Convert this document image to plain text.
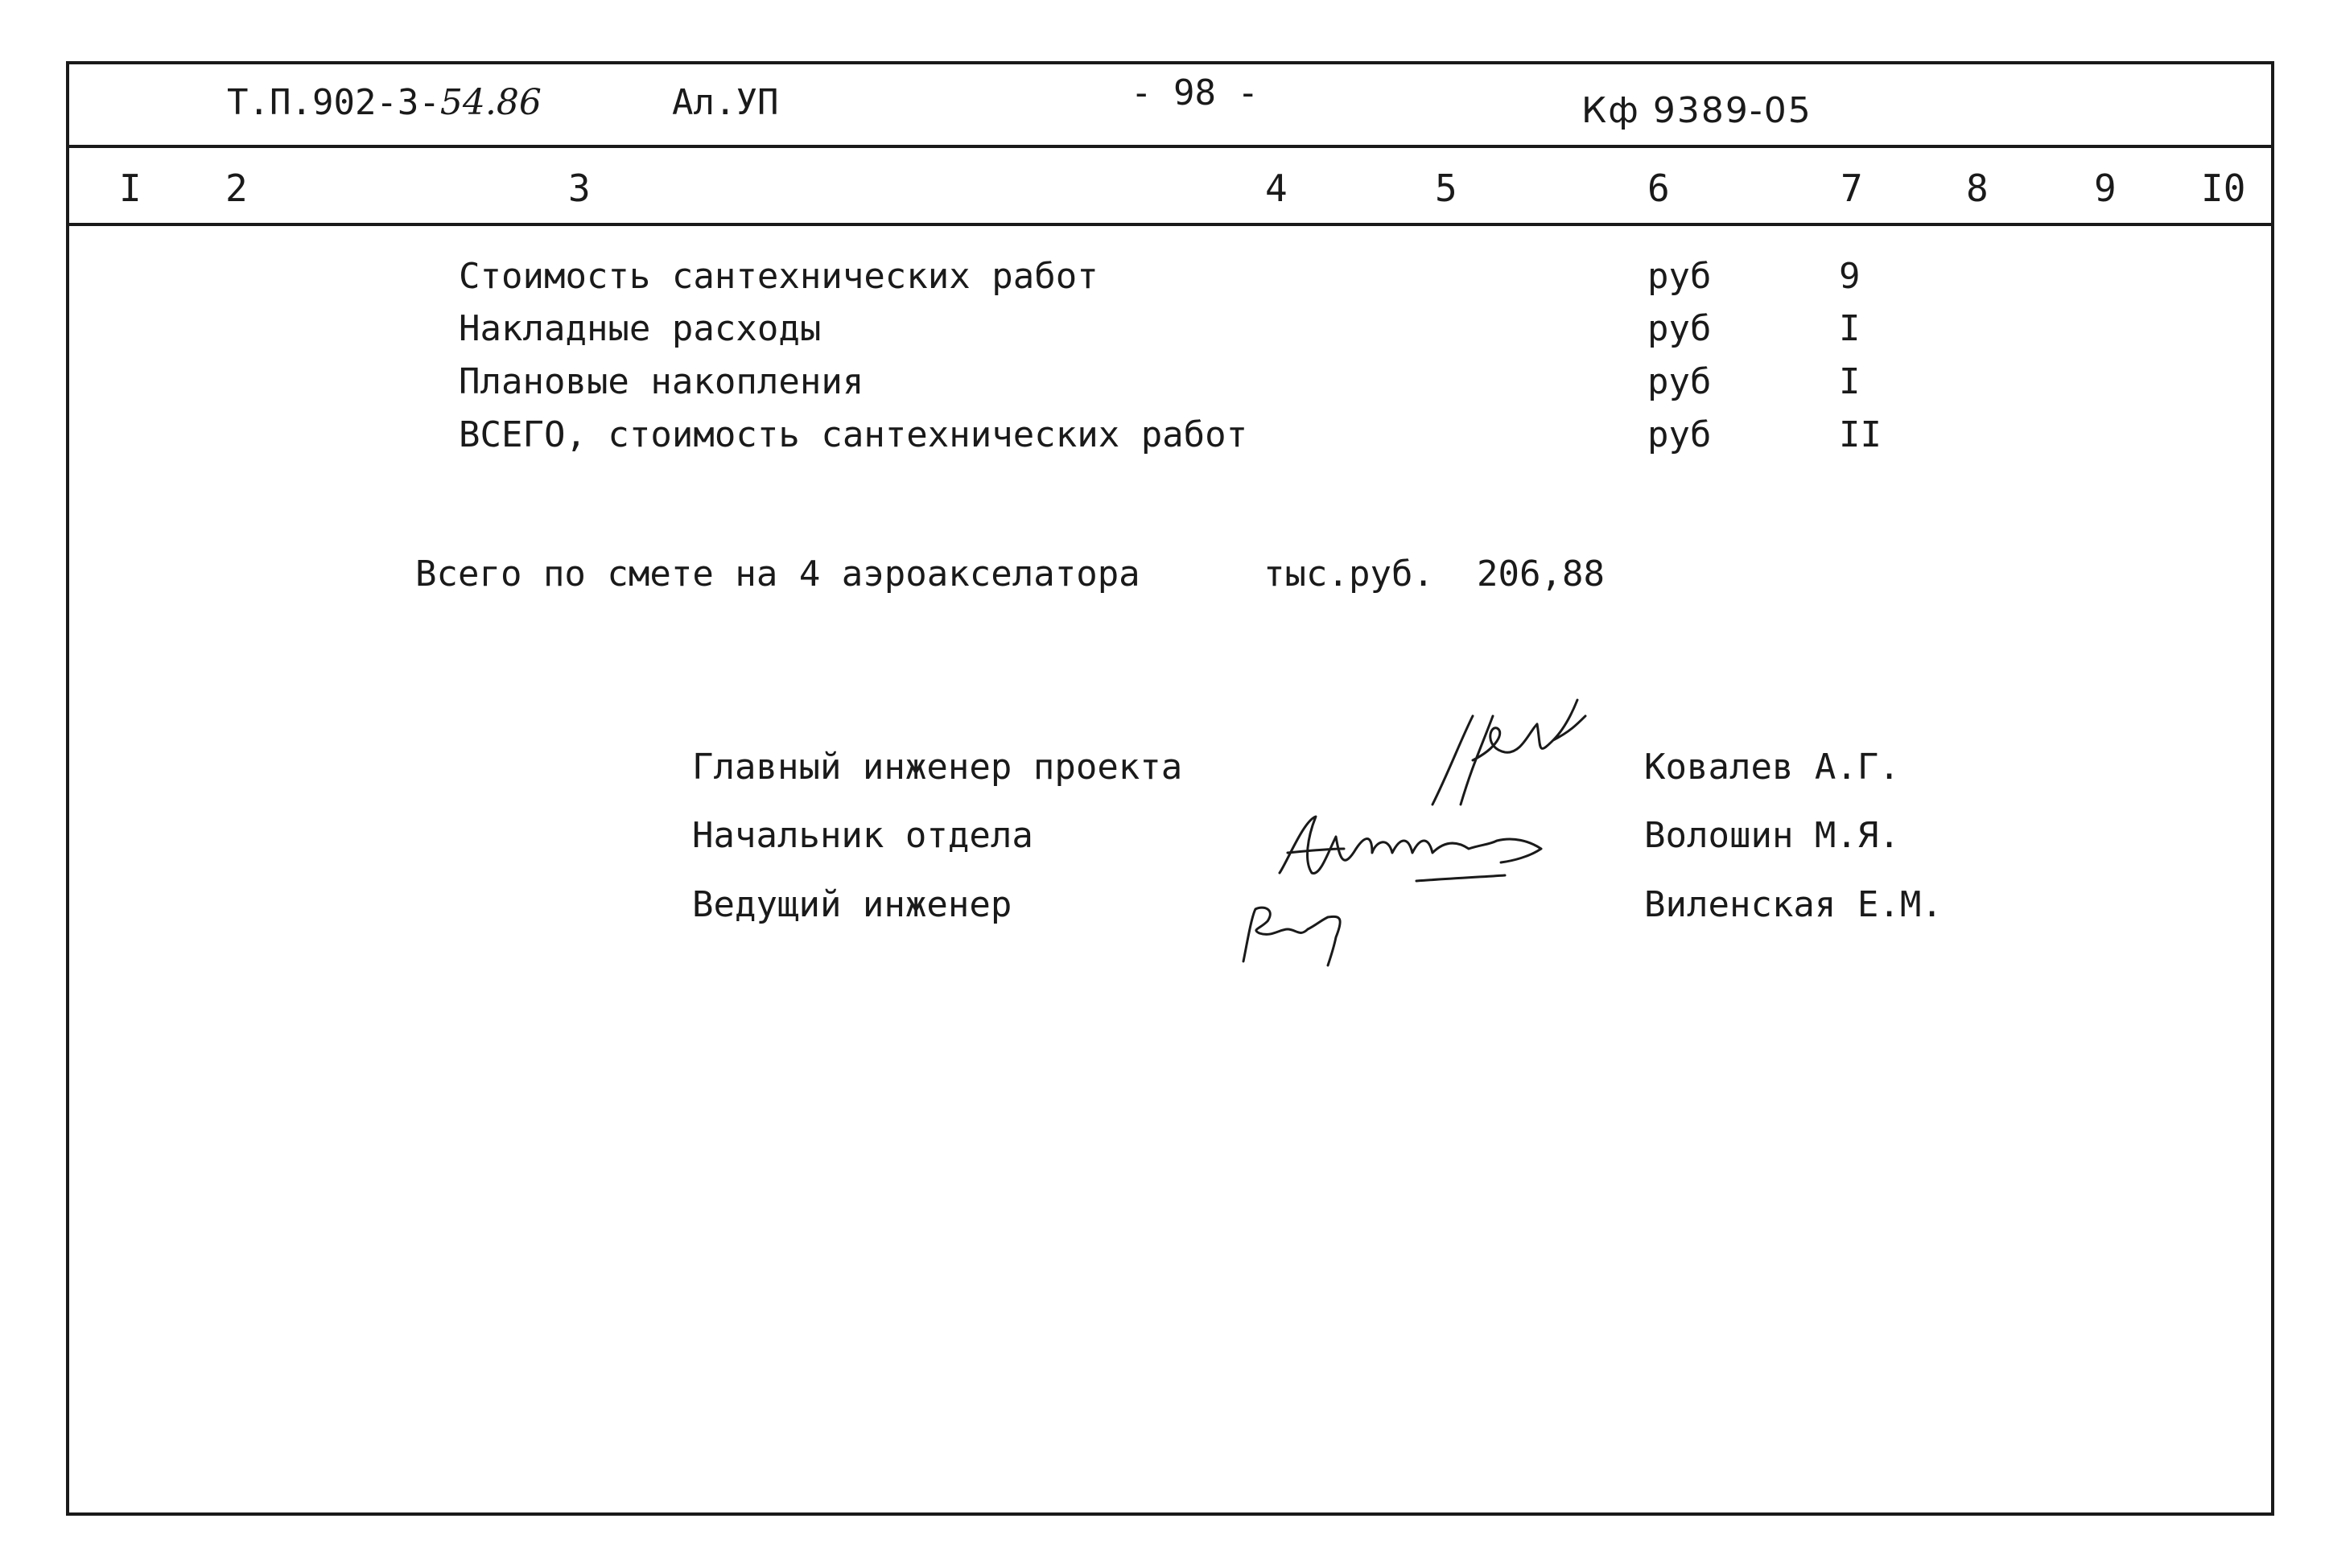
Т.П.902-3-54.86	Ал.УП	- 98 -	Кф 9389-05
I 2	3	4	5	6	7	8	9 I0
Стоимость сантехнических работ	руб	9
Накладные расходы	руб	I
Плановые накопления	руб	I
ВСЕГО, стоимость сантехнических работ	руб	II
Всего по смете на 4 аэроакселатора	тыс.руб. 206,88
Главный инженер проекта	Ковалев А.Г.
Начальник отдела	Волошин М.Я.
Ведущий инженер	Виленская Е.М.
